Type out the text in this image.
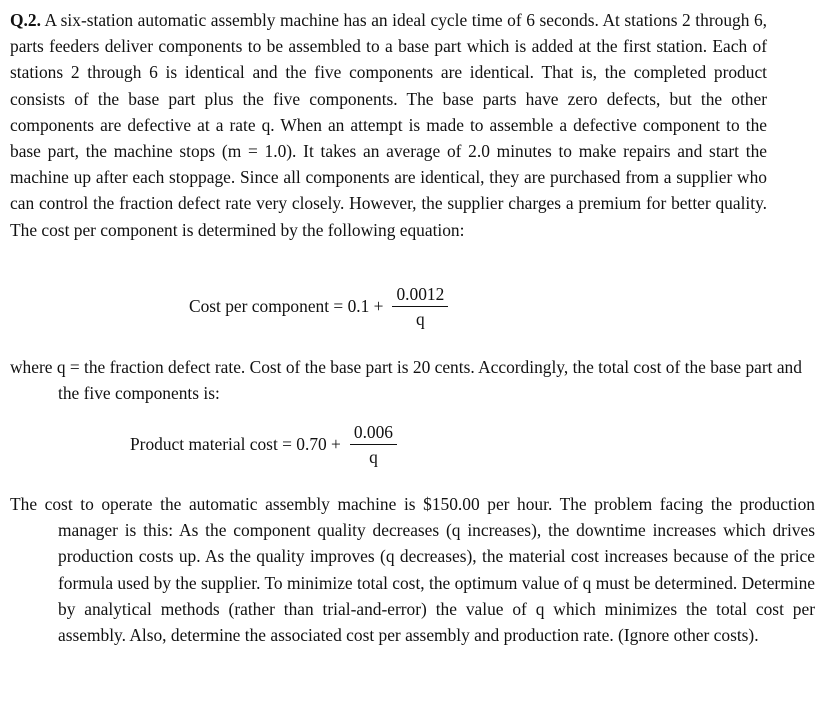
Q.2. A six-station automatic assembly machine has an ideal cycle time of 6 seconds. At stations 2 through 6, parts feeders deliver components to be assembled to a base part which is added at the first station. Each of stations 2 through 6 is identical and the five components are identical. That is, the completed product consists of the base part plus the five components. The base parts have zero defects, but the other components are defective at a rate q. When an attempt is made to assemble a defective component to the base part, the machine stops (m = 1.0). It takes an average of 2.0 minutes to make repairs and start the machine up after each stoppage. Since all components are identical, they are purchased from a supplier who can control the fraction defect rate very closely. However, the supplier charges a premium for better quality. The cost per component is determined by the following equation:
Cost per component = $0.1 + \frac{0.0012}{q}$
where q = the fraction defect rate. Cost of the base part is 20 cents. Accordingly, the total cost of the base part and the five components is:
Product material $\cos t = 0.70 + \frac{0.006}{q}$
The cost to operate the automatic assembly machine is $150.00 per hour. The problem facing the production manager is this: As the component quality decreases (q increases), the downtime increases which drives production costs up. As the quality improves (q decreases), the material cost increases because of the price formula used by the supplier. To minimize total cost, the optimum value of q must be determined. Determine by analytical methods (rather than trial-and-error) the value of q which minimizes the total cost per assembly. Also, determine the associated cost per assembly and production rate. (Ignore other costs).
